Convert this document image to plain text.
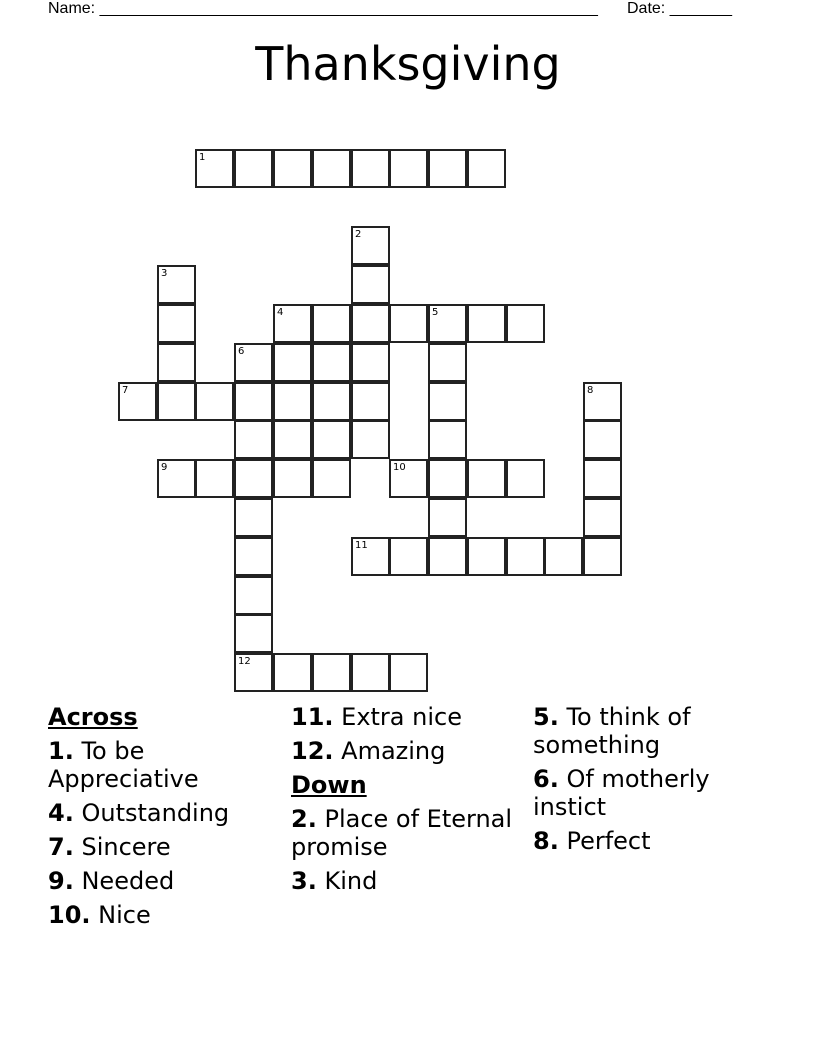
Name: ________________________________________________________ Date: _______
Thanksgiving
1
2
3
4	5
6
7	8
9	10
11
12
Across
1. To be Appreciative
4. Outstanding
7. Sincere
9. Needed
10. Nice
11. Extra nice
12. Amazing
Down
2. Place of Eternal promise
3. Kind
5. To think of something
6. Of motherly instict
8. Perfect
